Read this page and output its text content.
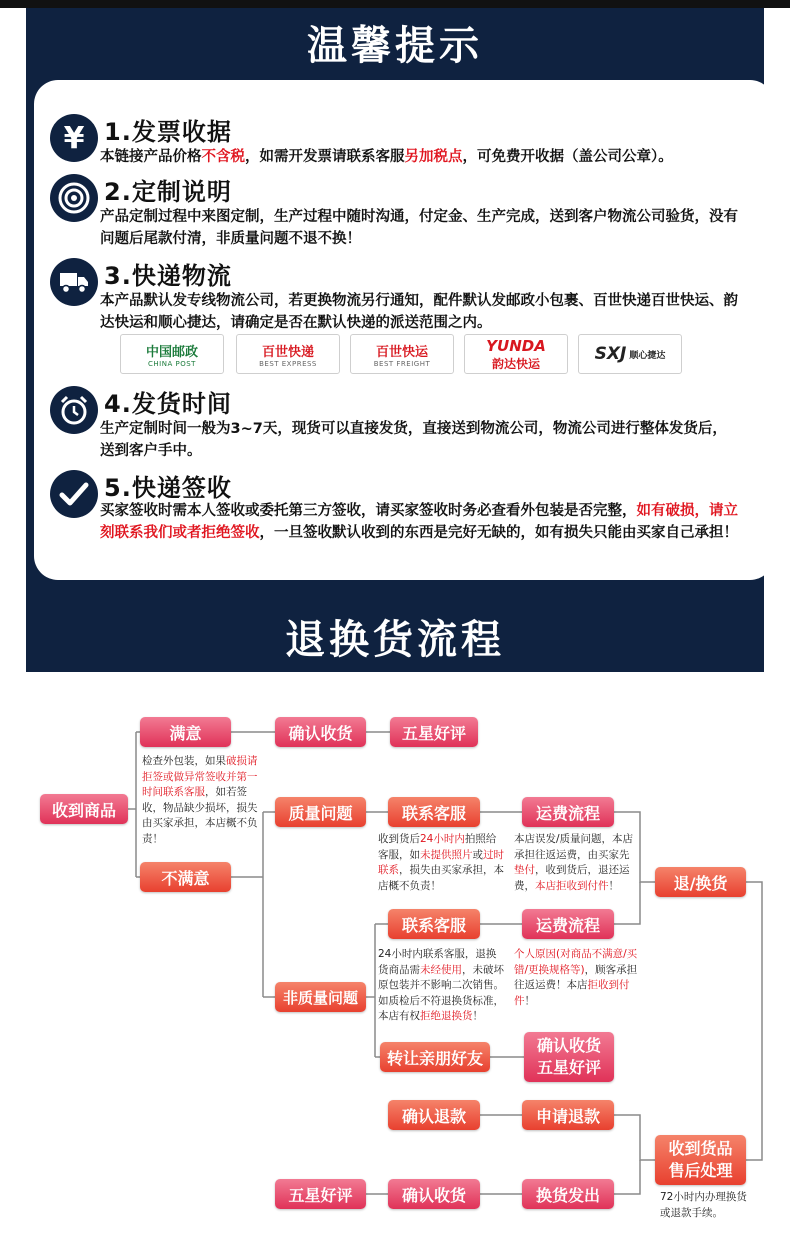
温馨提示
¥ 1.发票收据
本链接产品价格不含税，如需开发票请联系客服另加税点，可免费开收据（盖公司公章）。
2.定制说明
产品定制过程中来图定制，生产过程中随时沟通，付定金、生产完成，送到客户物流公司验货，没有问题后尾款付清，非质量问题不退不换！
3.快递物流
本产品默认发专线物流公司，若更换物流另行通知，配件默认发邮政小包裹、百世快递百世快运、韵达快运和顺心捷达，请确定是否在默认快递的派送范围之内。
中国邮政
CHINA POST
百世快递
BEST EXPRESS
百世快运
BEST FREIGHT
YUNDA
韵达快运	SXJ 顺心捷达
4.发货时间
生产定制时间一般为3~7天，现货可以直接发货，直接送到物流公司，物流公司进行整体发货后，送到客户手中。
5.快递签收
买家签收时需本人签收或委托第三方签收，请买家签收时务必查看外包装是否完整，如有破损，请立刻联系我们或者拒绝签收，一旦签收默认收到的东西是完好无缺的，如有损失只能由买家自己承担！
退换货流程
收到商品
满意	确认收货	五星好评
检查外包装，如果破损请拒签或做异常签收并第一时间联系客服，如若签收，物品缺少损坏，损失由买家承担，本店概不负责！
不满意
质量问题	联系客服	运费流程
收到货后24小时内拍照给客服，如未提供照片或过时联系，损失由买家承担，本店概不负责！
本店误发/质量问题，本店承担往返运费，由买家先垫付，收到货后，退还运费，本店拒收到付件！	退/换货
联系客服	运费流程
非质量问题
24小时内联系客服，退换货商品需未经使用，未破坏原包装并不影响二次销售。如质检后不符退换货标准，本店有权拒绝退换货！
个人原因(对商品不满意/买错/更换规格等)，顾客承担往返运费！本店拒收到付件！
转让亲朋好友
确认收货
五星好评
确认退款	申请退款
收到货品
售后处理
72小时内办理换货或退款手续。
五星好评	确认收货	换货发出
